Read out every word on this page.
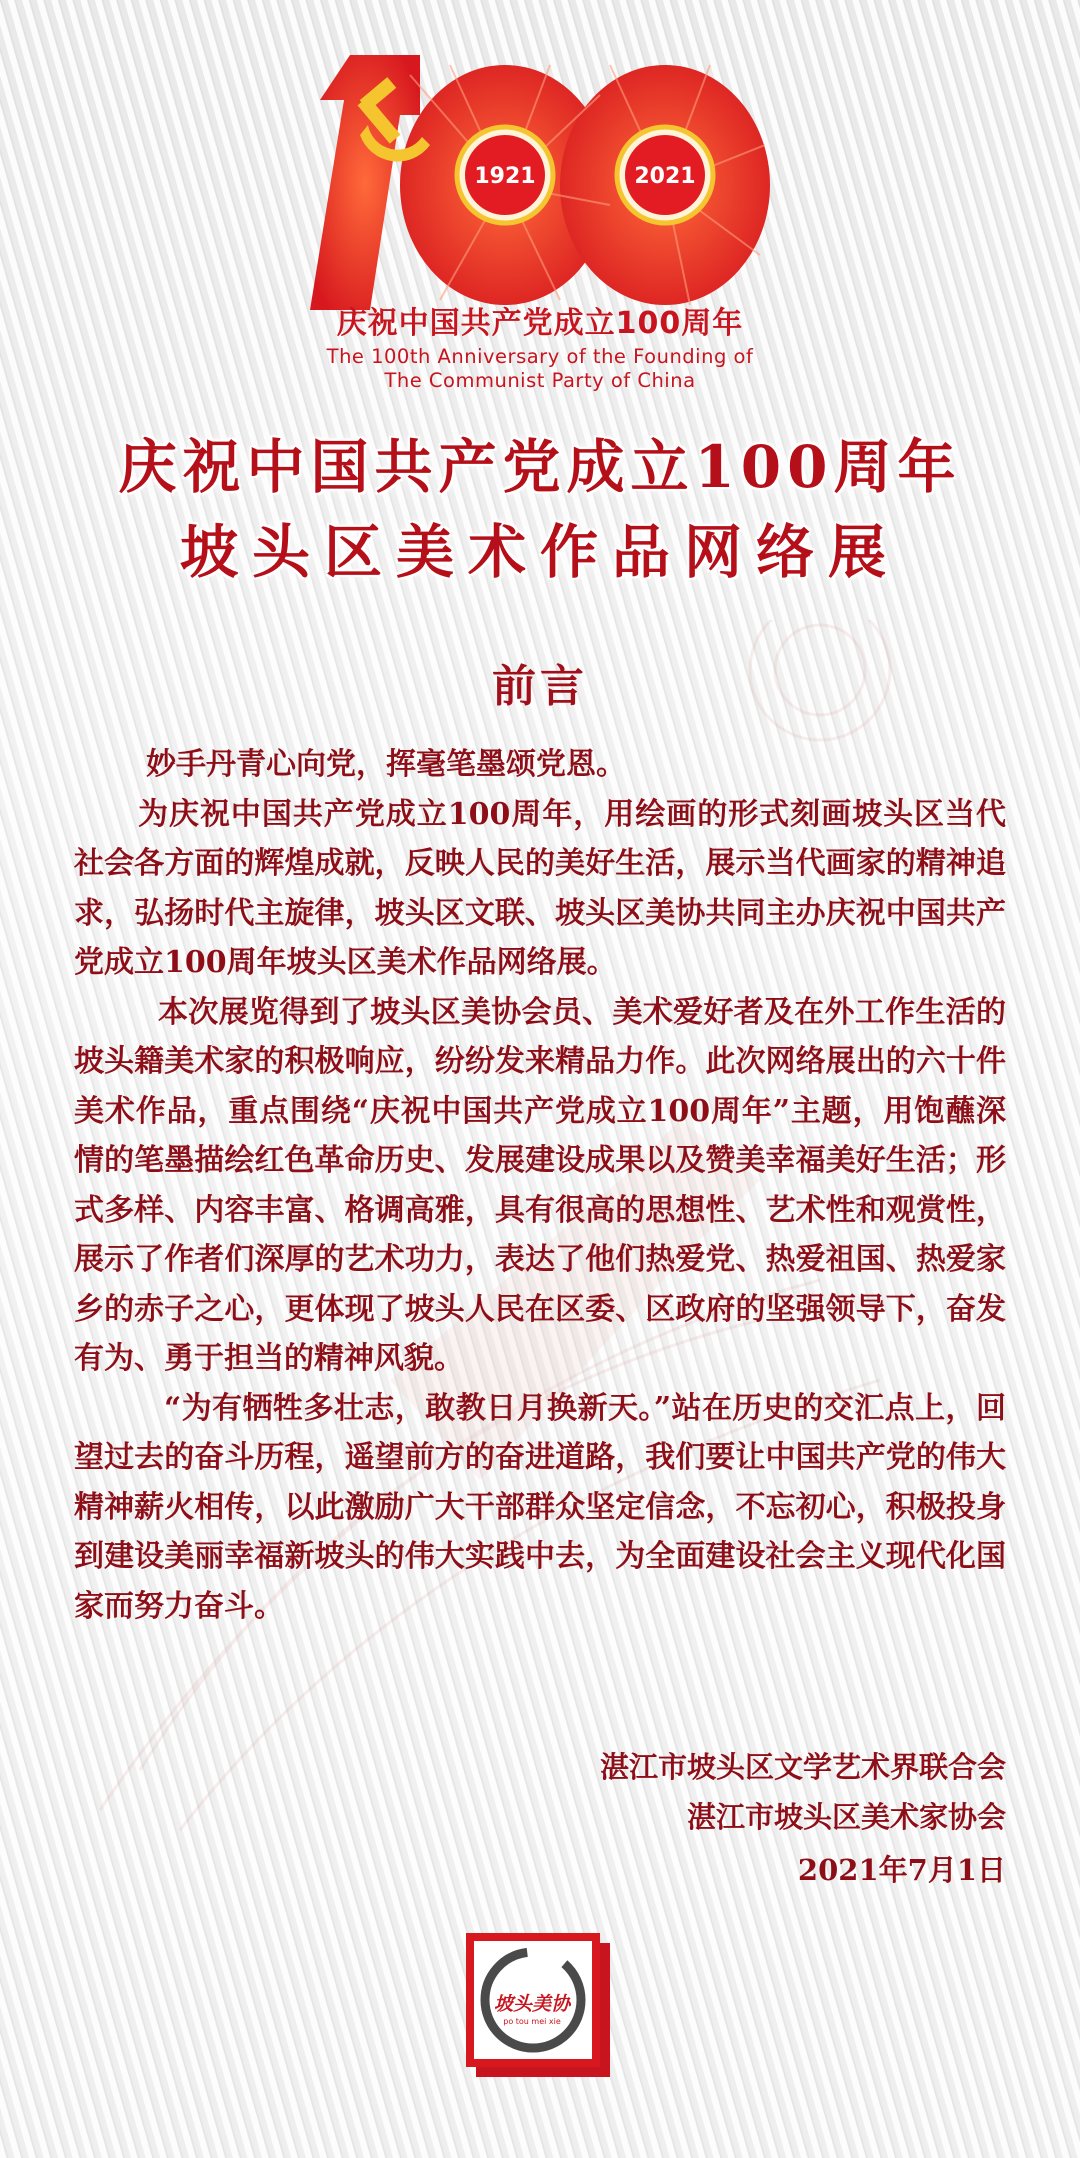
1921	2021
庆祝中国共产党成立100周年
The 100th Anniversary of the Founding of
The Communist Party of China
庆祝中国共产党成立100周年
坡头区美术作品网络展
前言

妙手丹青心向党，挥毫笔墨颂党恩。

为庆祝中国共产党成立100周年，用绘画的形式刻画坡头区当代社会各方面的辉煌成就，反映人民的美好生活，展示当代画家的精神追求，弘扬时代主旋律，坡头区文联、坡头区美协共同主办庆祝中国共产党成立100周年坡头区美术作品网络展。

本次展览得到了坡头区美协会员、美术爱好者及在外工作生活的坡头籍美术家的积极响应，纷纷发来精品力作。此次网络展出的六十件美术作品，重点围绕“庆祝中国共产党成立100周年”主题，用饱蘸深情的笔墨描绘红色革命历史、发展建设成果以及赞美幸福美好生活；形式多样、内容丰富、格调高雅，具有很高的思想性、艺术性和观赏性，展示了作者们深厚的艺术功力，表达了他们热爱党、热爱祖国、热爱家乡的赤子之心，更体现了坡头人民在区委、区政府的坚强领导下，奋发有为、勇于担当的精神风貌。

“为有牺牲多壮志，敢教日月换新天。”站在历史的交汇点上，回望过去的奋斗历程，遥望前方的奋进道路，我们要让中国共产党的伟大精神薪火相传，以此激励广大干部群众坚定信念，不忘初心，积极投身到建设美丽幸福新坡头的伟大实践中去，为全面建设社会主义现代化国家而努力奋斗。

湛江市坡头区文学艺术界联合会
湛江市坡头区美术家协会
2021年7月1日
坡头美协
po tou mei xie
